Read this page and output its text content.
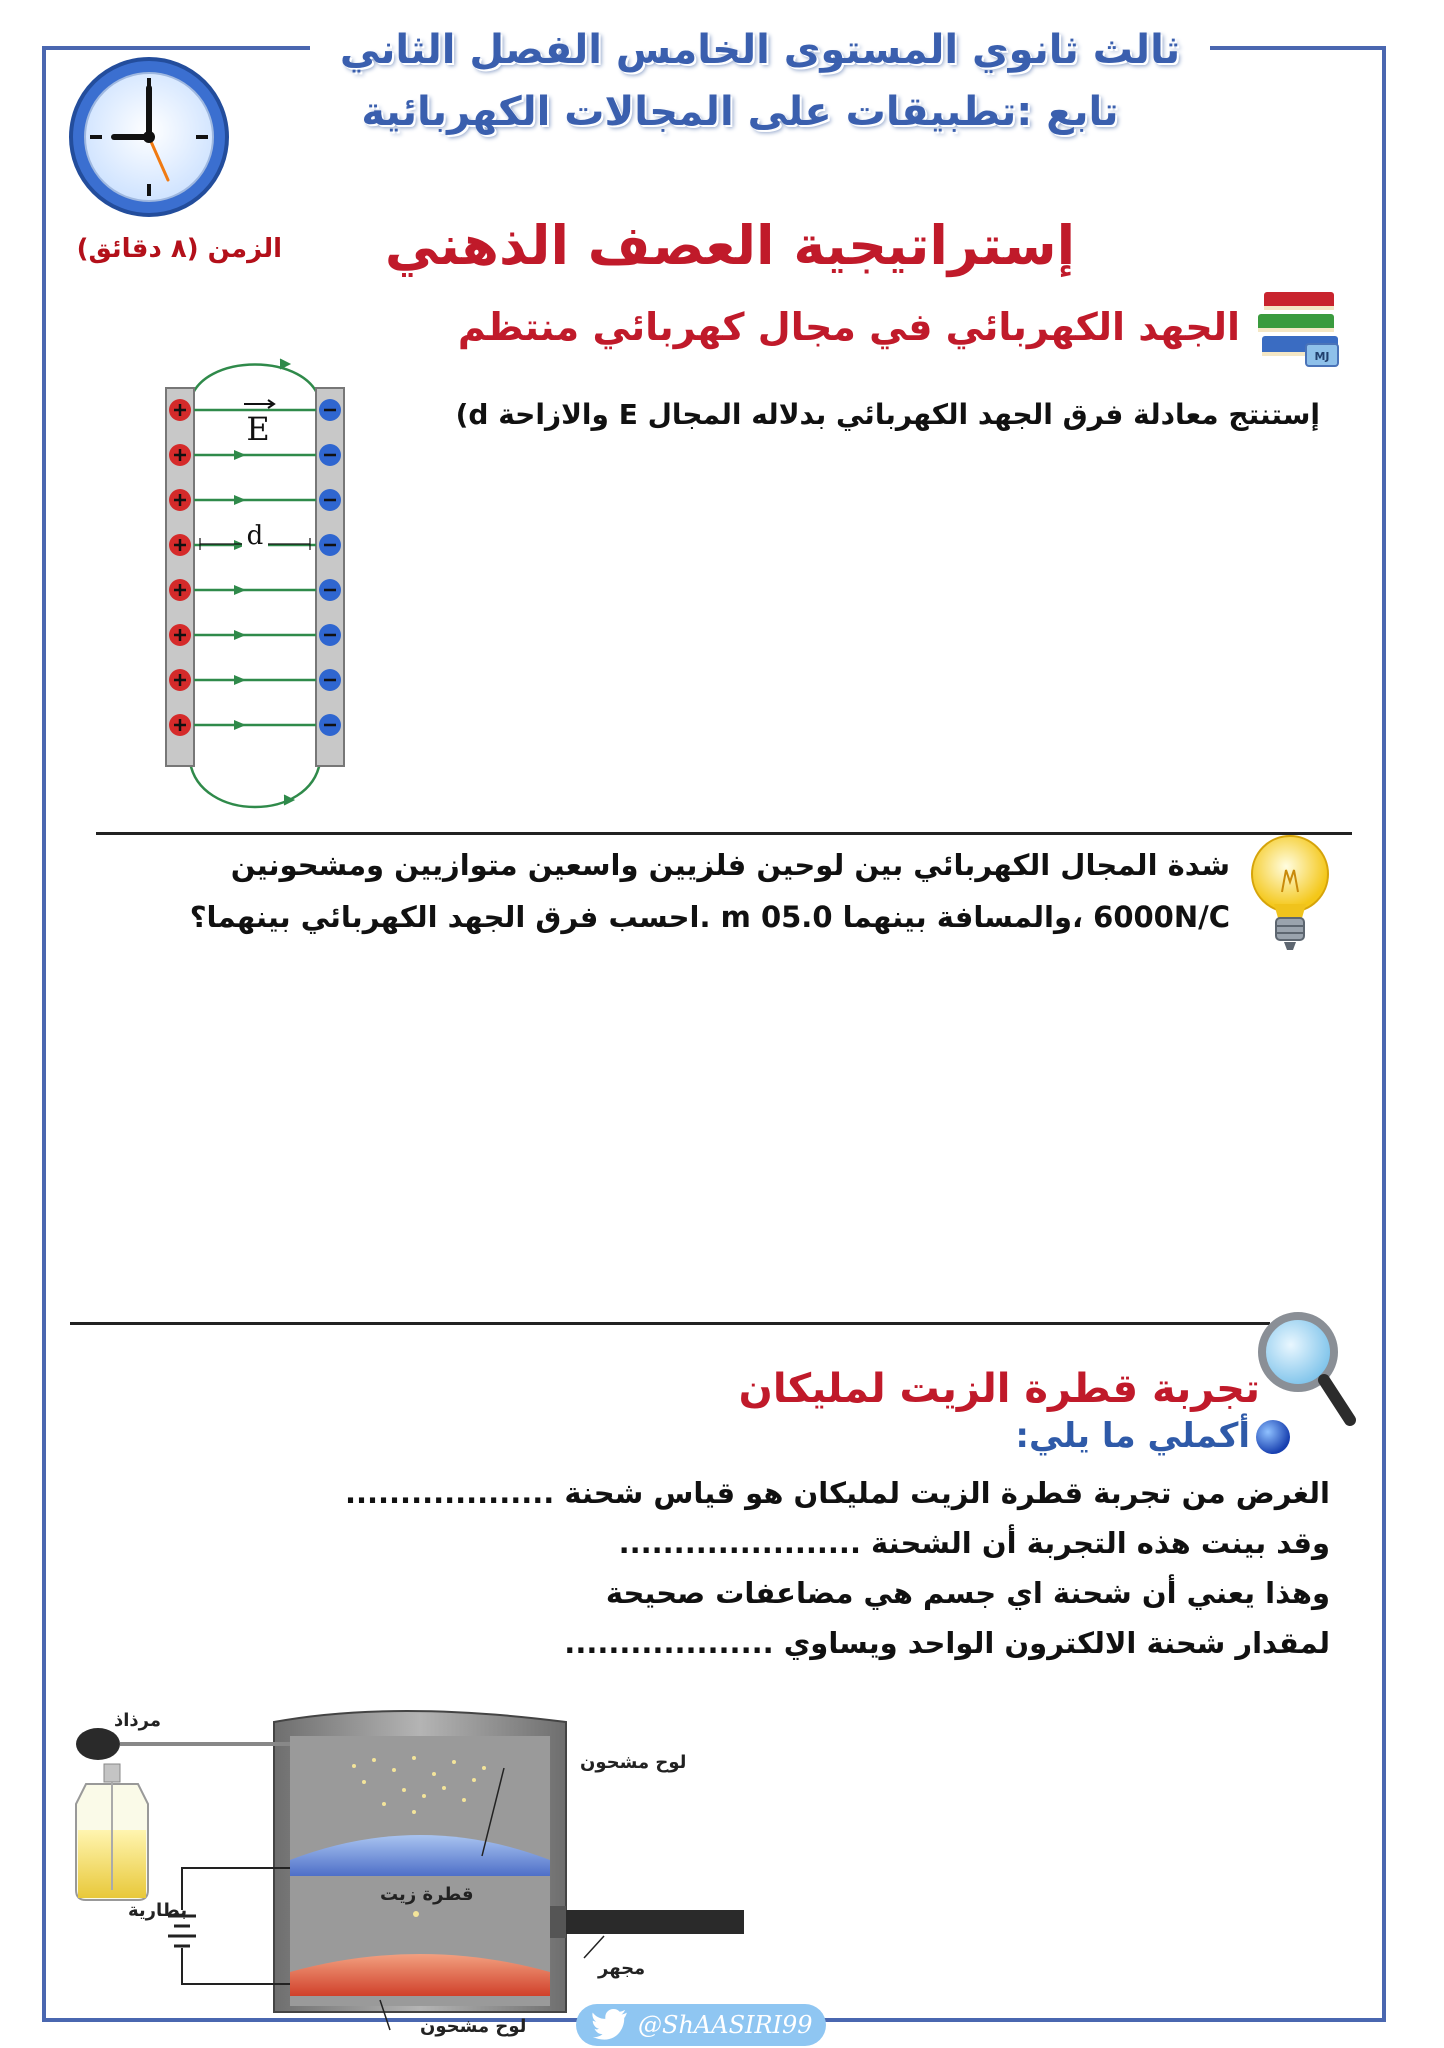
ثالث ثانوي المستوى الخامس الفصل الثاني
تابع :تطبيقات على المجالات الكهربائية
الزمن (٨ دقائق)	إستراتيجية العصف الذهني
MJ
الجهد الكهربائي في مجال كهربائي منتظم
إستنتج معادلة فرق الجهد الكهربائي بدلاله المجال E والازاحة d)
E
d
شدة المجال الكهربائي بين لوحين فلزيين واسعين متوازيين ومشحونين
6000N/C ،والمسافة بينهما 05.0 m .احسب فرق الجهد الكهربائي بينهما؟
تجربة قطرة الزيت لمليكان
أكملي ما يلي:
الغرض من تجربة قطرة الزيت لمليكان هو قياس شحنة ...................
وقد بينت هذه التجربة أن الشحنة ......................
وهذا يعني أن شحنة اي جسم هي مضاعفات صحيحة
لمقدار شحنة الالكترون الواحد ويساوي ...................
مرذاذ
لوح مشحون
قطرة زيت
بطارية
مجهر
لوح مشحون	@ShAASIRI99
